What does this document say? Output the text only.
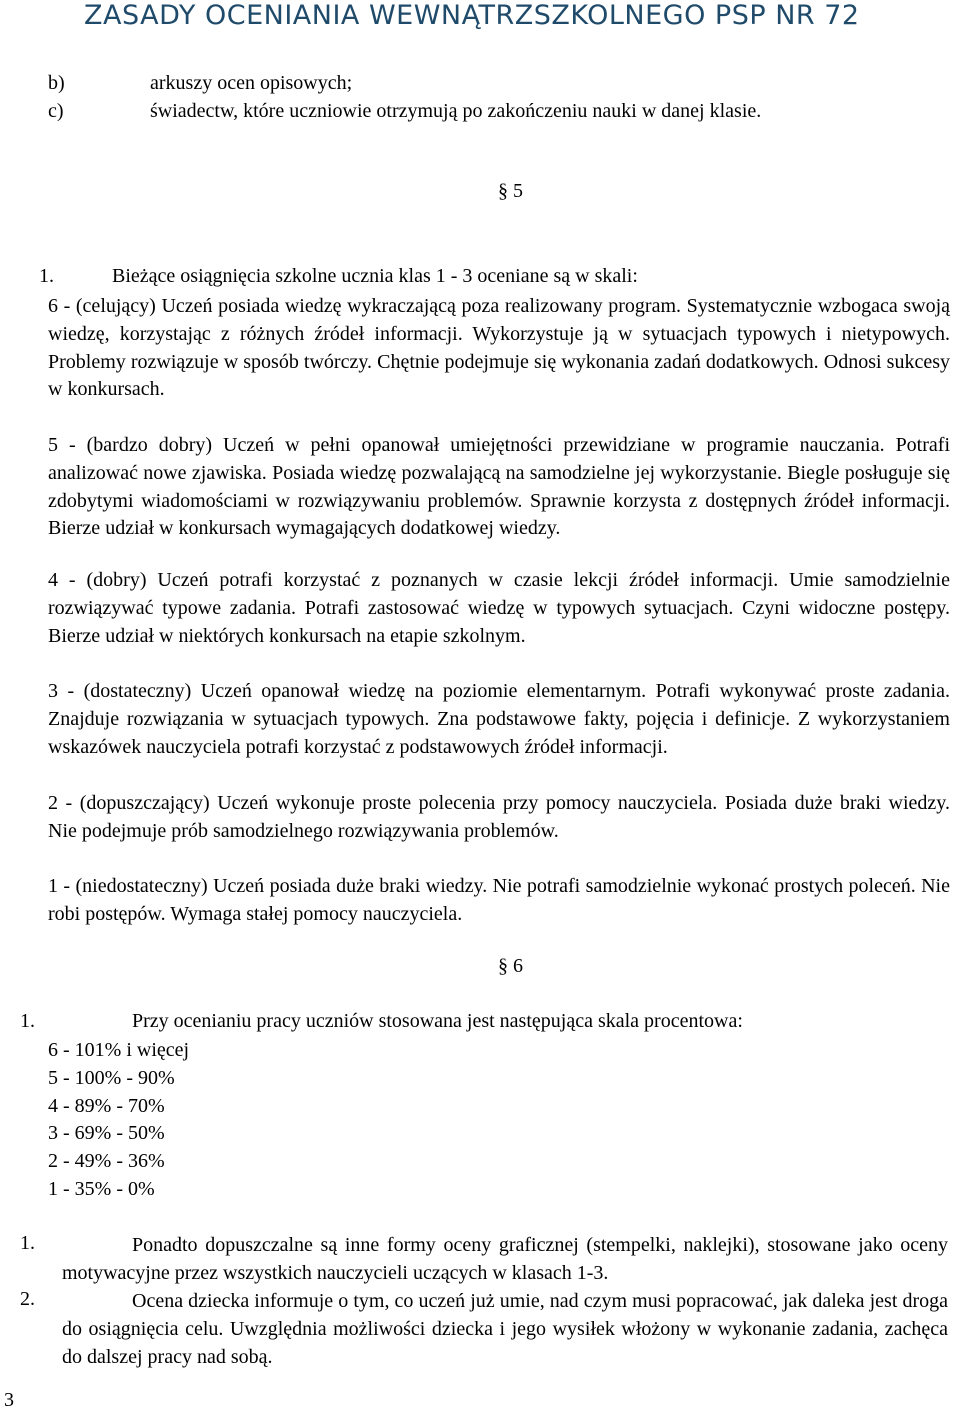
ZASADY OCENIANIA WEWNĄTRZSZKOLNEGO PSP NR 72
b)	arkuszy ocen opisowych;
c)	świadectw, które uczniowie otrzymują po zakończeniu nauki w danej klasie.
§ 5
1.	Bieżące osiągnięcia szkolne ucznia klas 1 - 3 oceniane są w skali:
6 - (celujący) Uczeń posiada wiedzę wykraczającą poza realizowany program. Systematycznie wzbogaca swoją wiedzę, korzystając z różnych źródeł informacji. Wykorzystuje ją w sytuacjach typowych i nietypowych. Problemy rozwiązuje w sposób twórczy. Chętnie podejmuje się wykonania zadań dodatkowych. Odnosi sukcesy w konkursach.
5 - (bardzo dobry) Uczeń w pełni opanował umiejętności przewidziane w programie nauczania. Potrafi analizować nowe zjawiska. Posiada wiedzę pozwalającą na samodzielne jej wykorzystanie. Biegle posługuje się zdobytymi wiadomościami w rozwiązywaniu problemów. Sprawnie korzysta z dostępnych źródeł informacji. Bierze udział w konkursach wymagających dodatkowej wiedzy.
4 - (dobry) Uczeń potrafi korzystać z poznanych w czasie lekcji źródeł informacji. Umie samodzielnie rozwiązywać typowe zadania. Potrafi zastosować wiedzę w typowych sytuacjach. Czyni widoczne postępy. Bierze udział w niektórych konkursach na etapie szkolnym.
3 - (dostateczny) Uczeń opanował wiedzę na poziomie elementarnym. Potrafi wykonywać proste zadania. Znajduje rozwiązania w sytuacjach typowych. Zna podstawowe fakty, pojęcia i definicje. Z wykorzystaniem wskazówek nauczyciela potrafi korzystać z podstawowych źródeł informacji.
2 - (dopuszczający) Uczeń wykonuje proste polecenia przy pomocy nauczyciela. Posiada duże braki wiedzy. Nie podejmuje prób samodzielnego rozwiązywania problemów.
1 - (niedostateczny) Uczeń posiada duże braki wiedzy. Nie potrafi samodzielnie wykonać prostych poleceń. Nie robi postępów. Wymaga stałej pomocy nauczyciela.
§ 6
1.	Przy ocenianiu pracy uczniów stosowana jest następująca skala procentowa:
6 - 101% i więcej
5 - 100% - 90%
4 - 89% - 70%
3 - 69% - 50%
2 - 49% - 36%
1 - 35% - 0%
1.	Ponadto dopuszczalne są inne formy oceny graficznej (stempelki, naklejki), stosowane jako oceny motywacyjne przez wszystkich nauczycieli uczących w klasach 1-3.
2.	Ocena dziecka informuje o tym, co uczeń już umie, nad czym musi popracować, jak daleka jest droga do osiągnięcia celu. Uwzględnia możliwości dziecka i jego wysiłek włożony w wykonanie zadania, zachęca do dalszej pracy nad sobą.
3
